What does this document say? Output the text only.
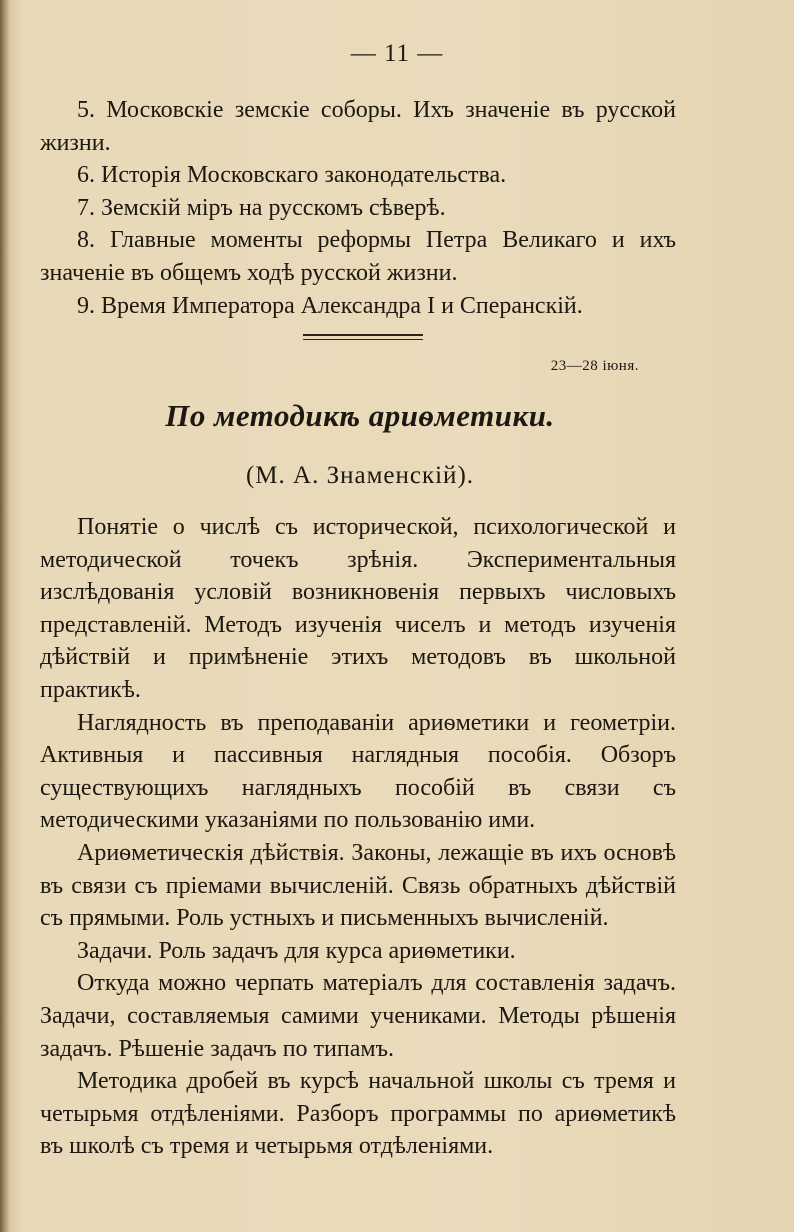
— 11 —

5. Московскіе земскіе соборы. Ихъ значеніе въ русской жизни.

6. Исторія Московскаго законодательства.

7. Земскій міръ на русскомъ сѣверѣ.

8. Главные моменты реформы Петра Великаго и ихъ значеніе въ общемъ ходѣ русской жизни.

9. Время Императора Александра I и Сперанскій.

23—28 іюня.
По методикѣ ариѳметики.
(М. А. Знаменскій).

Понятіе о числѣ съ исторической, психологической и методической точекъ зрѣнія. Экспериментальныя изслѣдованія условій возникновенія первыхъ числовыхъ представленій. Методъ изученія чиселъ и методъ изученія дѣйствій и примѣненіе этихъ методовъ въ школьной практикѣ.

Наглядность въ преподаваніи ариѳметики и геометріи. Активныя и пассивныя наглядныя пособія. Обзоръ существующихъ наглядныхъ пособій въ связи съ методическими указаніями по пользованію ими.

Ариѳметическія дѣйствія. Законы, лежащіе въ ихъ основѣ въ связи съ пріемами вычисленій. Связь обратныхъ дѣйствій съ прямыми. Роль устныхъ и письменныхъ вычисленій.

Задачи. Роль задачъ для курса ариѳметики.

Откуда можно черпать матеріалъ для составленія задачъ. Задачи, составляемыя самими учениками. Методы рѣшенія задачъ. Рѣшеніе задачъ по типамъ.

Методика дробей въ курсѣ начальной школы съ тремя и четырьмя отдѣленіями. Разборъ программы по ариѳметикѣ въ школѣ съ тремя и четырьмя отдѣленіями.
